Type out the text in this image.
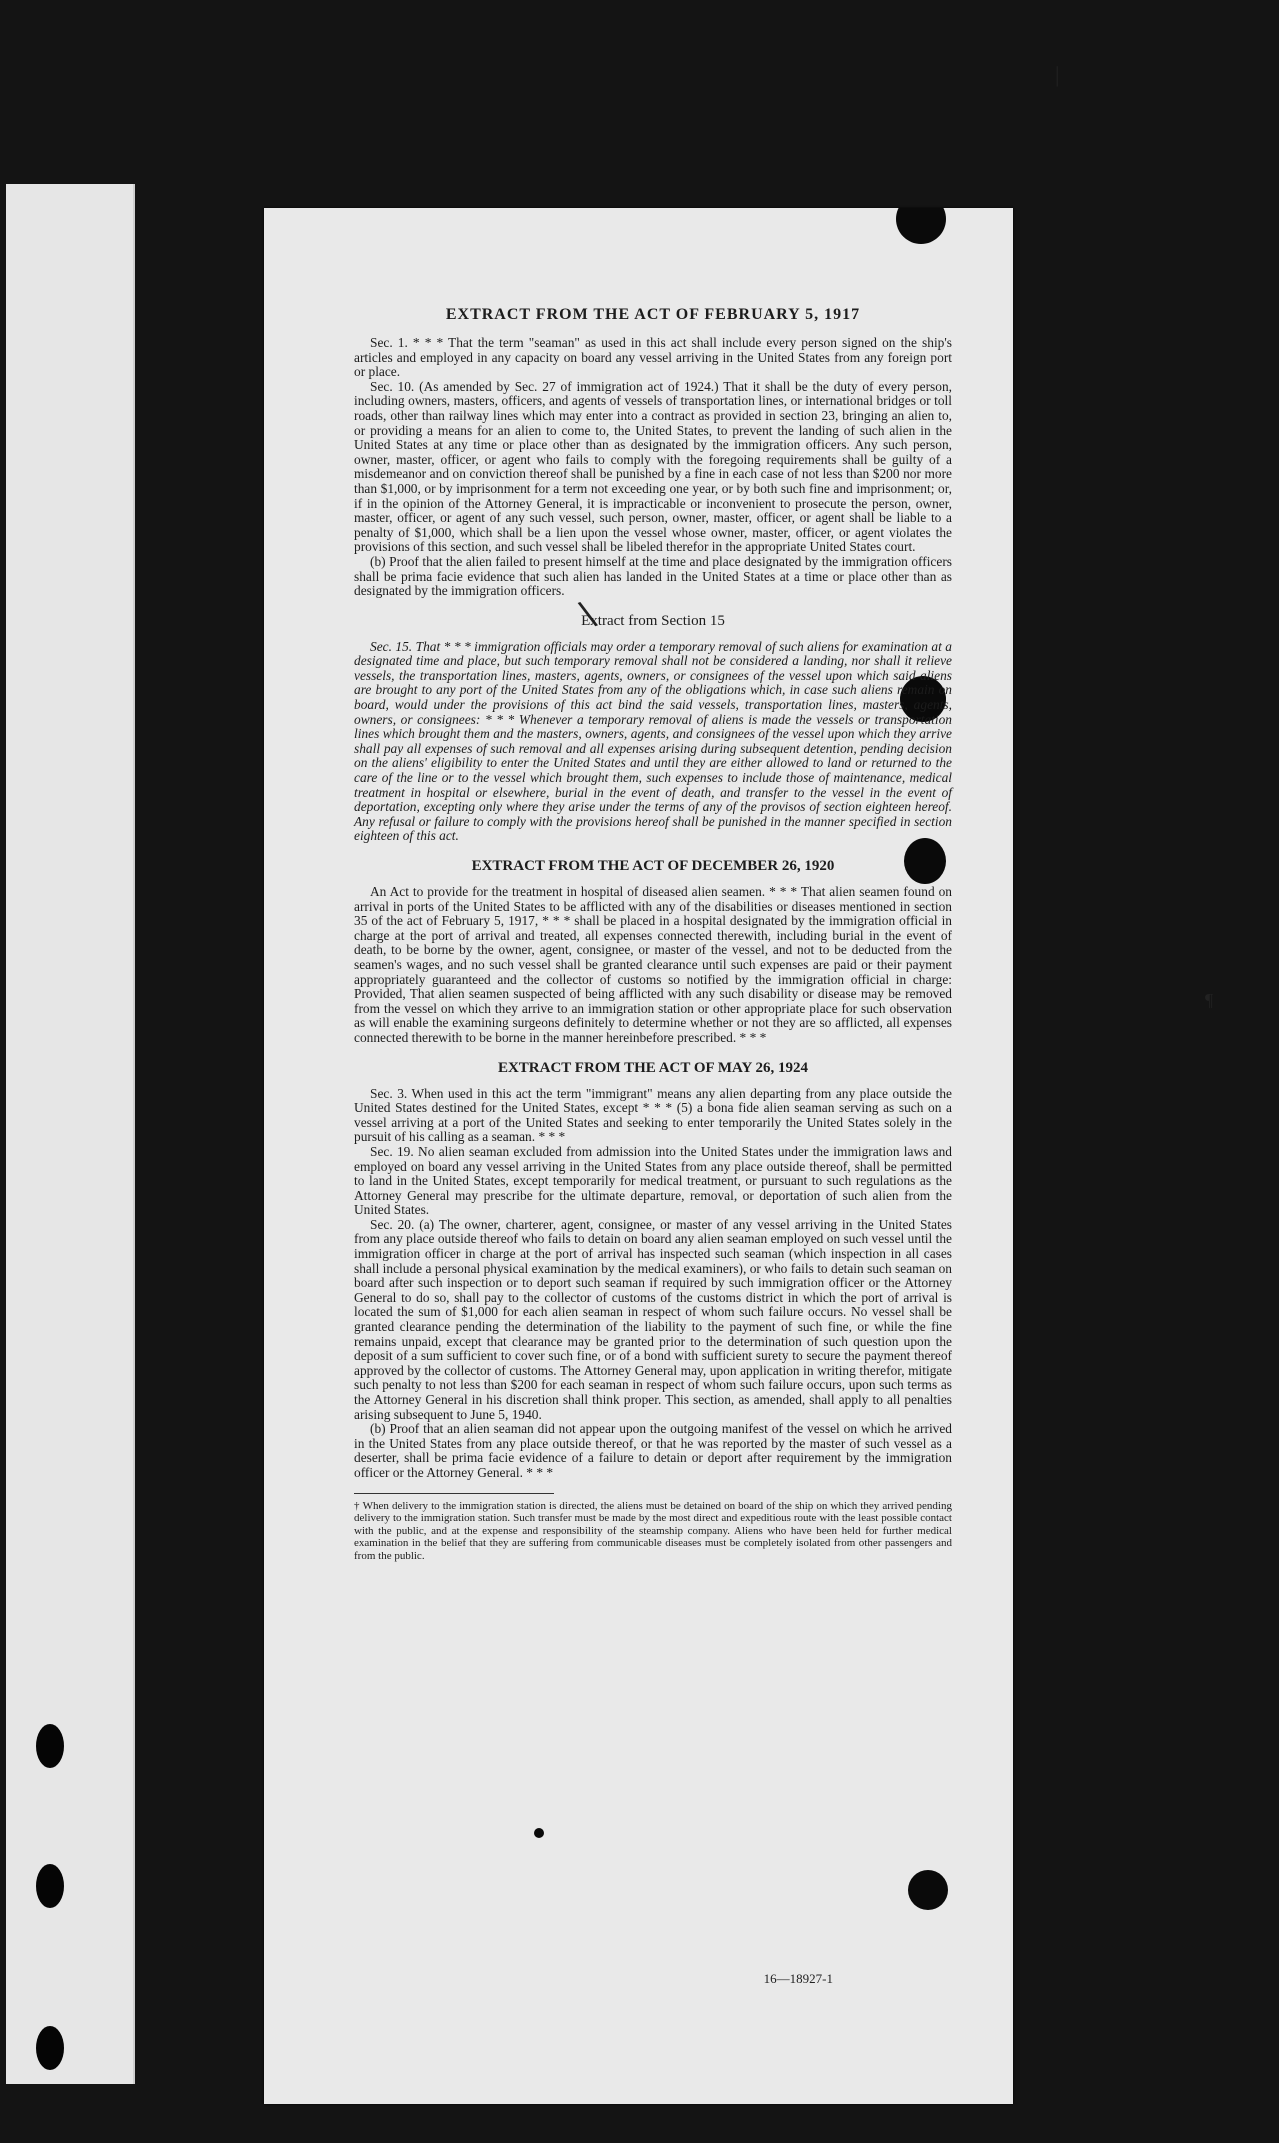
\
EXTRACT FROM THE ACT OF FEBRUARY 5, 1917

Sec. 1. * * * That the term "seaman" as used in this act shall include every person signed on the ship's articles and employed in any capacity on board any vessel arriving in the United States from any foreign port or place.

Sec. 10. (As amended by Sec. 27 of immigration act of 1924.) That it shall be the duty of every person, including owners, masters, officers, and agents of vessels of transportation lines, or international bridges or toll roads, other than railway lines which may enter into a contract as provided in section 23, bringing an alien to, or providing a means for an alien to come to, the United States, to prevent the landing of such alien in the United States at any time or place other than as designated by the immigration officers. Any such person, owner, master, officer, or agent who fails to comply with the foregoing requirements shall be guilty of a misdemeanor and on conviction thereof shall be punished by a fine in each case of not less than $200 nor more than $1,000, or by imprisonment for a term not exceeding one year, or by both such fine and imprisonment; or, if in the opinion of the Attorney General, it is impracticable or inconvenient to prosecute the person, owner, master, officer, or agent of any such vessel, such person, owner, master, officer, or agent shall be liable to a penalty of $1,000, which shall be a lien upon the vessel whose owner, master, officer, or agent violates the provisions of this section, and such vessel shall be libeled therefor in the appropriate United States court.

(b) Proof that the alien failed to present himself at the time and place designated by the immigration officers shall be prima facie evidence that such alien has landed in the United States at a time or place other than as designated by the immigration officers.

Extract from Section 15

Sec. 15. That * * * immigration officials may order a temporary removal of such aliens for examination at a designated time and place, but such temporary removal shall not be considered a landing, nor shall it relieve vessels, the transportation lines, masters, agents, owners, or consignees of the vessel upon which said aliens are brought to any port of the United States from any of the obligations which, in case such aliens remain on board, would under the provisions of this act bind the said vessels, transportation lines, masters, agents, owners, or consignees: * * * Whenever a temporary removal of aliens is made the vessels or transportation lines which brought them and the masters, owners, agents, and consignees of the vessel upon which they arrive shall pay all expenses of such removal and all expenses arising during subsequent detention, pending decision on the aliens' eligibility to enter the United States and until they are either allowed to land or returned to the care of the line or to the vessel which brought them, such expenses to include those of maintenance, medical treatment in hospital or elsewhere, burial in the event of death, and transfer to the vessel in the event of deportation, excepting only where they arise under the terms of any of the provisos of section eighteen hereof. Any refusal or failure to comply with the provisions hereof shall be punished in the manner specified in section eighteen of this act.

EXTRACT FROM THE ACT OF DECEMBER 26, 1920

An Act to provide for the treatment in hospital of diseased alien seamen. * * * That alien seamen found on arrival in ports of the United States to be afflicted with any of the disabilities or diseases mentioned in section 35 of the act of February 5, 1917, * * * shall be placed in a hospital designated by the immigration official in charge at the port of arrival and treated, all expenses connected therewith, including burial in the event of death, to be borne by the owner, agent, consignee, or master of the vessel, and not to be deducted from the seamen's wages, and no such vessel shall be granted clearance until such expenses are paid or their payment appropriately guaranteed and the collector of customs so notified by the immigration official in charge: Provided, That alien seamen suspected of being afflicted with any such disability or disease may be removed from the vessel on which they arrive to an immigration station or other appropriate place for such observation as will enable the examining surgeons definitely to determine whether or not they are so afflicted, all expenses connected therewith to be borne in the manner hereinbefore prescribed. * * *

EXTRACT FROM THE ACT OF MAY 26, 1924

Sec. 3. When used in this act the term "immigrant" means any alien departing from any place outside the United States destined for the United States, except * * * (5) a bona fide alien seaman serving as such on a vessel arriving at a port of the United States and seeking to enter temporarily the United States solely in the pursuit of his calling as a seaman. * * *

Sec. 19. No alien seaman excluded from admission into the United States under the immigration laws and employed on board any vessel arriving in the United States from any place outside thereof, shall be permitted to land in the United States, except temporarily for medical treatment, or pursuant to such regulations as the Attorney General may prescribe for the ultimate departure, removal, or deportation of such alien from the United States.

Sec. 20. (a) The owner, charterer, agent, consignee, or master of any vessel arriving in the United States from any place outside thereof who fails to detain on board any alien seaman employed on such vessel until the immigration officer in charge at the port of arrival has inspected such seaman (which inspection in all cases shall include a personal physical examination by the medical examiners), or who fails to detain such seaman on board after such inspection or to deport such seaman if required by such immigration officer or the Attorney General to do so, shall pay to the collector of customs of the customs district in which the port of arrival is located the sum of $1,000 for each alien seaman in respect of whom such failure occurs. No vessel shall be granted clearance pending the determination of the liability to the payment of such fine, or while the fine remains unpaid, except that clearance may be granted prior to the determination of such question upon the deposit of a sum sufficient to cover such fine, or of a bond with sufficient surety to secure the payment thereof approved by the collector of customs. The Attorney General may, upon application in writing therefor, mitigate such penalty to not less than $200 for each seaman in respect of whom such failure occurs, upon such terms as the Attorney General in his discretion shall think proper. This section, as amended, shall apply to all penalties arising subsequent to June 5, 1940.

(b) Proof that an alien seaman did not appear upon the outgoing manifest of the vessel on which he arrived in the United States from any place outside thereof, or that he was reported by the master of such vessel as a deserter, shall be prima facie evidence of a failure to detain or deport after requirement by the immigration officer or the Attorney General. * * *

† When delivery to the immigration station is directed, the aliens must be detained on board of the ship on which they arrived pending delivery to the immigration station. Such transfer must be made by the most direct and expeditious route with the least possible contact with the public, and at the expense and responsibility of the steamship company. Aliens who have been held for further medical examination in the belief that they are suffering from communicable diseases must be completely isolated from other passengers and from the public.
16—18927-1
|
¶
